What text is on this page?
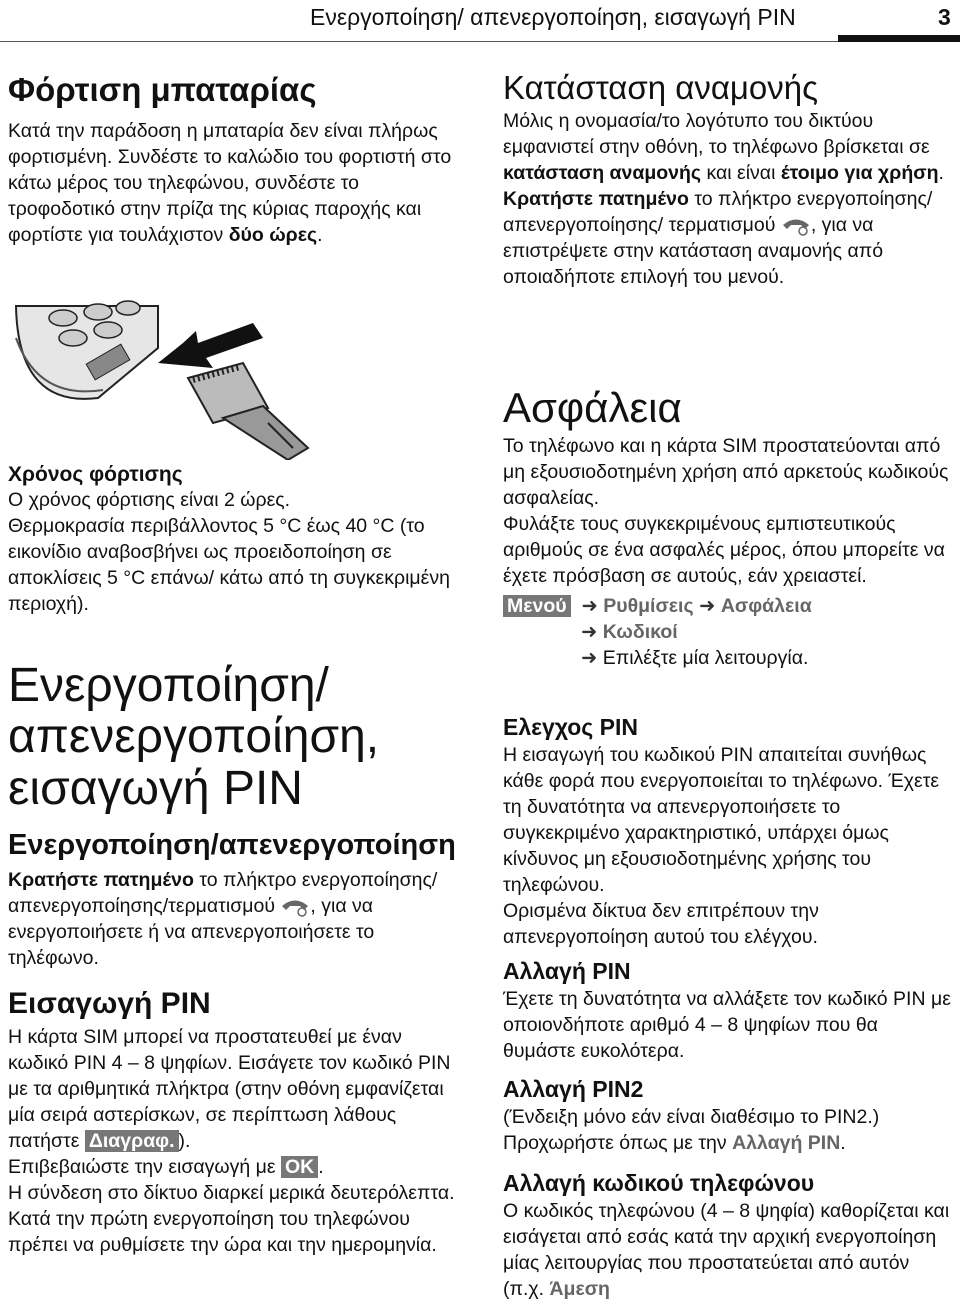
Ενεργοποίηση/ απενεργοποίηση, εισαγωγή PIN	3
Φόρτιση μπαταρίας

Κατά την παράδοση η μπαταρία δεν είναι πλήρως φορτισμένη. Συνδέστε το καλώδιο του φορτιστή στο κάτω μέρος του τηλεφώνου, συνδέστε το τροφοδοτικό στην πρίζα της κύριας παροχής και φορτίστε για τουλάχιστον δύο ώρες.

Χρόνος φόρτισης

Ο χρόνος φόρτισης είναι 2 ώρες.

Θερμοκρασία περιβάλλοντος 5 °C έως 40 °C (το εικονίδιο αναβοσβήνει ως προειδοποίηση σε αποκλίσεις 5 °C επάνω/ κάτω από τη συγκεκριμένη περιοχή).

Ενεργοποίηση/
απενεργοποίηση,
εισαγωγή PIN
Ενεργοποίηση/απενεργοποίηση

Κρατήστε πατημένο το πλήκτρο ενεργοποίησης/απενεργοποίησης/τερματισμού , για να ενεργοποιήσετε ή να απενεργοποιήσετε το τηλέφωνο.

Εισαγωγή PIN

Η κάρτα SIM μπορεί να προστατευθεί με έναν κωδικό PIN 4 – 8 ψηφίων. Εισάγετε τον κωδικό PIN με τα αριθμητικά πλήκτρα (στην οθόνη εμφανίζεται μία σειρά αστερίσκων, σε περίπτωση λάθους πατήστε Διαγραφ. ).

Επιβεβαιώστε την εισαγωγή με OK .

Η σύνδεση στο δίκτυο διαρκεί μερικά δευτερόλεπτα.

Κατά την πρώτη ενεργοποίηση του τηλεφώνου πρέπει να ρυθμίσετε την ώρα και την ημερομηνία.

Κατάσταση αναμονής

Μόλις η ονομασία/το λογότυπο του δικτύου εμφανιστεί στην οθόνη, το τηλέφωνο βρίσκεται σε κατάσταση αναμονής και είναι έτοιμο για χρήση.

Κρατήστε πατημένο το πλήκτρο ενεργοποίησης/απενεργοποίησης/ τερματισμού , για να επιστρέψετε στην κατάσταση αναμονής από οποιαδήποτε επιλογή του μενού.

Ασφάλεια

Το τηλέφωνο και η κάρτα SIM προστατεύονται από μη εξουσιοδοτημένη χρήση από αρκετούς κωδικούς ασφαλείας.

Φυλάξτε τους συγκεκριμένους εμπιστευτικούς αριθμούς σε ένα ασφαλές μέρος, όπου μπορείτε να έχετε πρόσβαση σε αυτούς, εάν χρειαστεί.

Μενού ➜ Ρυθμίσεις ➜ Ασφάλεια
➜ Κωδικοί
➜ Επιλέξτε μία λειτουργία.
Ελεγχος PIN

Η εισαγωγή του κωδικού PIN απαιτείται συνήθως κάθε φορά που ενεργοποιείται το τηλέφωνο. Έχετε τη δυνατότητα να απενεργοποιήσετε το συγκεκριμένο χαρακτηριστικό, υπάρχει όμως κίνδυνος μη εξουσιοδοτημένης χρήσης του τηλεφώνου.

Ορισμένα δίκτυα δεν επιτρέπουν την απενεργοποίηση αυτού του ελέγχου.

Αλλαγή PIN

Έχετε τη δυνατότητα να αλλάξετε τον κωδικό PIN με οποιονδήποτε αριθμό 4 – 8 ψηφίων που θα θυμάστε ευκολότερα.

Αλλαγή PIN2

(Ένδειξη μόνο εάν είναι διαθέσιμο το PIN2.)

Προχωρήστε όπως με την Αλλαγή PIN.

Αλλαγή κωδικού τηλεφώνου

Ο κωδικός τηλεφώνου (4 – 8 ψηφία) καθορίζεται και εισάγεται από εσάς κατά την αρχική ενεργοποίηση μίας λειτουργίας που προστατεύεται από αυτόν (π.χ. Άμεση
